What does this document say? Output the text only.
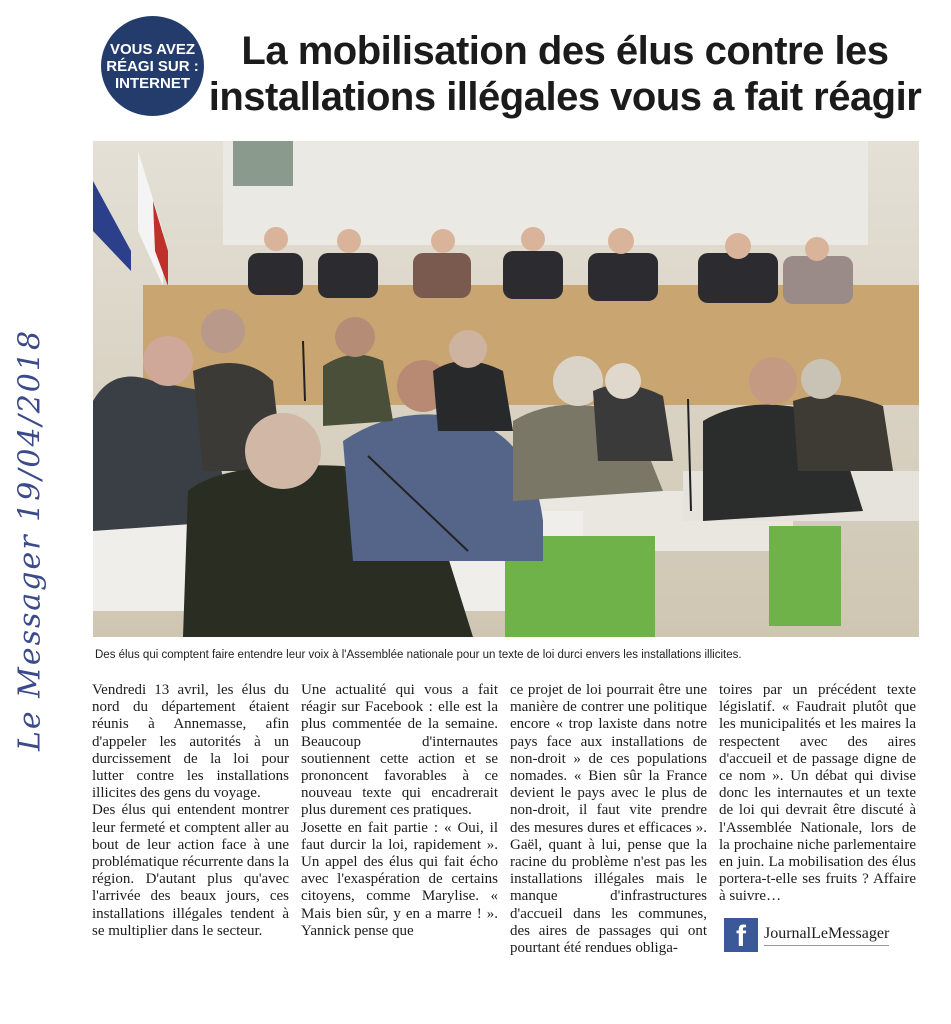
Le Messager 19/04/2018
VOUS AVEZ
RÉAGI SUR :
INTERNET
La mobilisation des élus contre les installations illégales vous a fait réagir

Des élus qui comptent faire entendre leur voix à l'Assemblée nationale pour un texte de loi durci envers les installations illicites.

Vendredi 13 avril, les élus du nord du département étaient réunis à Annemasse, afin d'appeler les autorités à un durcissement de la loi pour lutter contre les installations illicites des gens du voyage.

Des élus qui entendent montrer leur fermeté et comptent aller au bout de leur action face à une problématique récurrente dans la région. D'autant plus qu'avec l'arrivée des beaux jours, ces installations illégales tendent à se multiplier dans le secteur.

Une actualité qui vous a fait réagir sur Facebook : elle est la plus commentée de la semaine. Beaucoup d'internautes soutiennent cette action et se prononcent favorables à ce nouveau texte qui encadrerait plus durement ces pratiques.

Josette en fait partie : « Oui, il faut durcir la loi, rapidement ». Un appel des élus qui fait écho avec l'exaspération de certains citoyens, comme Marylise. « Mais bien sûr, y en a marre ! ». Yannick pense que

ce projet de loi pourrait être une manière de contrer une politique encore « trop laxiste dans notre pays face aux installations de non-droit » de ces populations nomades. « Bien sûr la France devient le pays avec le plus de non-droit, il faut vite prendre des mesures dures et efficaces ». Gaël, quant à lui, pense que la racine du problème n'est pas les installations illégales mais le manque d'infrastructures d'accueil dans les communes, des aires de passages qui ont pourtant été rendues obliga-

toires par un précédent texte législatif. « Faudrait plutôt que les municipalités et les maires la respectent avec des aires d'accueil et de passage digne de ce nom ». Un débat qui divise donc les internautes et un texte de loi qui devrait être discuté à l'Assemblée Nationale, lors de la prochaine niche parlementaire en juin. La mobilisation des élus portera-t-elle ses fruits ? Affaire à suivre…

f	JournalLeMessager
